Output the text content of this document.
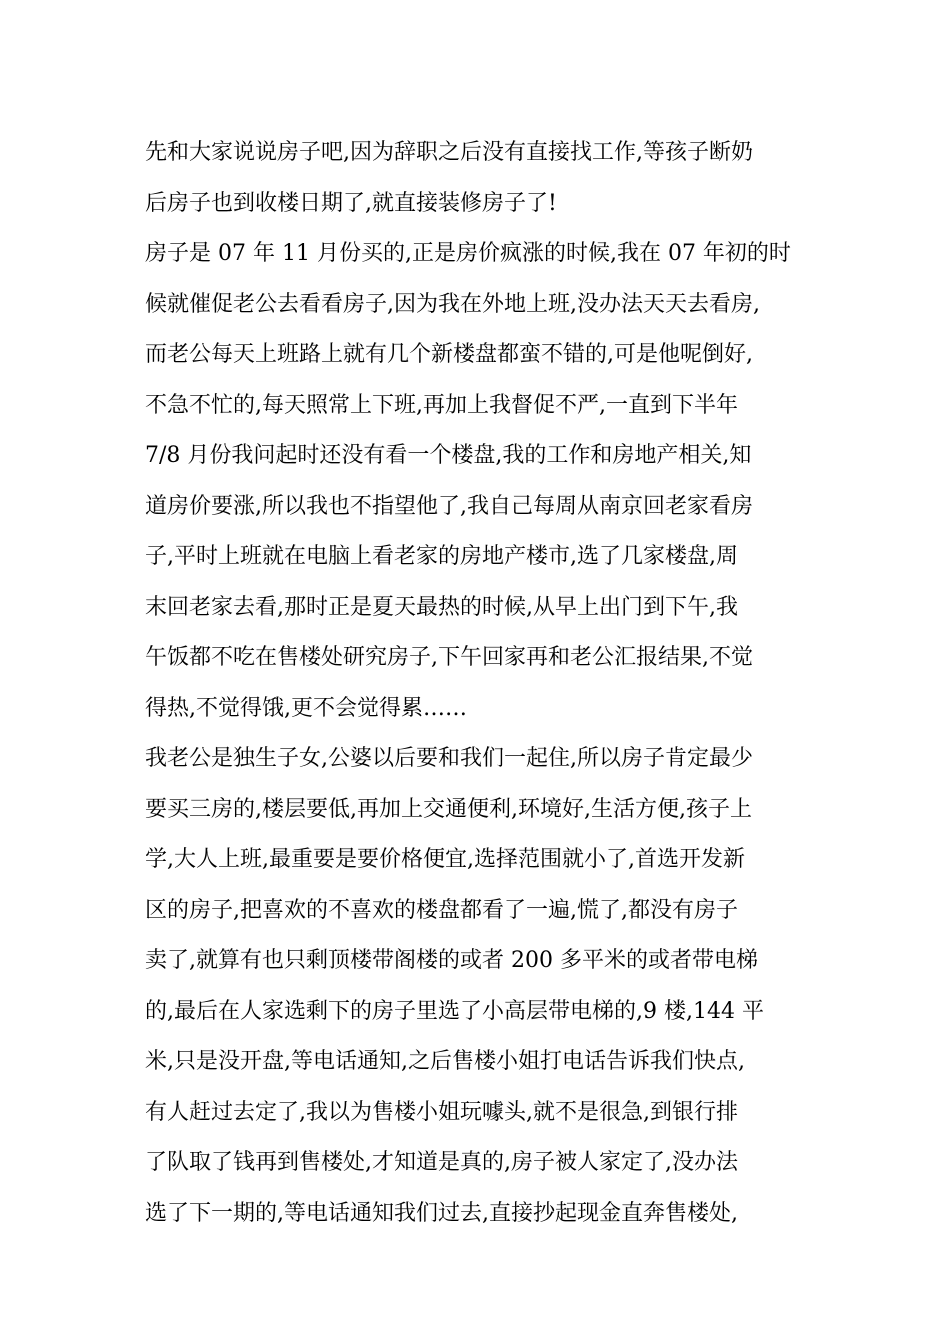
先和大家说说房子吧,因为辞职之后没有直接找工作,等孩子断奶
后房子也到收楼日期了,就直接装修房子了!
房子是 07 年 11 月份买的,正是房价疯涨的时候,我在 07 年初的时
候就催促老公去看看房子,因为我在外地上班,没办法天天去看房,
而老公每天上班路上就有几个新楼盘都蛮不错的,可是他呢倒好,
不急不忙的,每天照常上下班,再加上我督促不严,一直到下半年
7/8 月份我问起时还没有看一个楼盘,我的工作和房地产相关,知
道房价要涨,所以我也不指望他了,我自己每周从南京回老家看房
子,平时上班就在电脑上看老家的房地产楼市,选了几家楼盘,周
末回老家去看,那时正是夏天最热的时候,从早上出门到下午,我
午饭都不吃在售楼处研究房子,下午回家再和老公汇报结果,不觉
得热,不觉得饿,更不会觉得累……
我老公是独生子女,公婆以后要和我们一起住,所以房子肯定最少
要买三房的,楼层要低,再加上交通便利,环境好,生活方便,孩子上
学,大人上班,最重要是要价格便宜,选择范围就小了,首选开发新
区的房子,把喜欢的不喜欢的楼盘都看了一遍,慌了,都没有房子
卖了,就算有也只剩顶楼带阁楼的或者 200 多平米的或者带电梯
的,最后在人家选剩下的房子里选了小高层带电梯的,9 楼,144 平
米,只是没开盘,等电话通知,之后售楼小姐打电话告诉我们快点,
有人赶过去定了,我以为售楼小姐玩噱头,就不是很急,到银行排
了队取了钱再到售楼处,才知道是真的,房子被人家定了,没办法
选了下一期的,等电话通知我们过去,直接抄起现金直奔售楼处,
